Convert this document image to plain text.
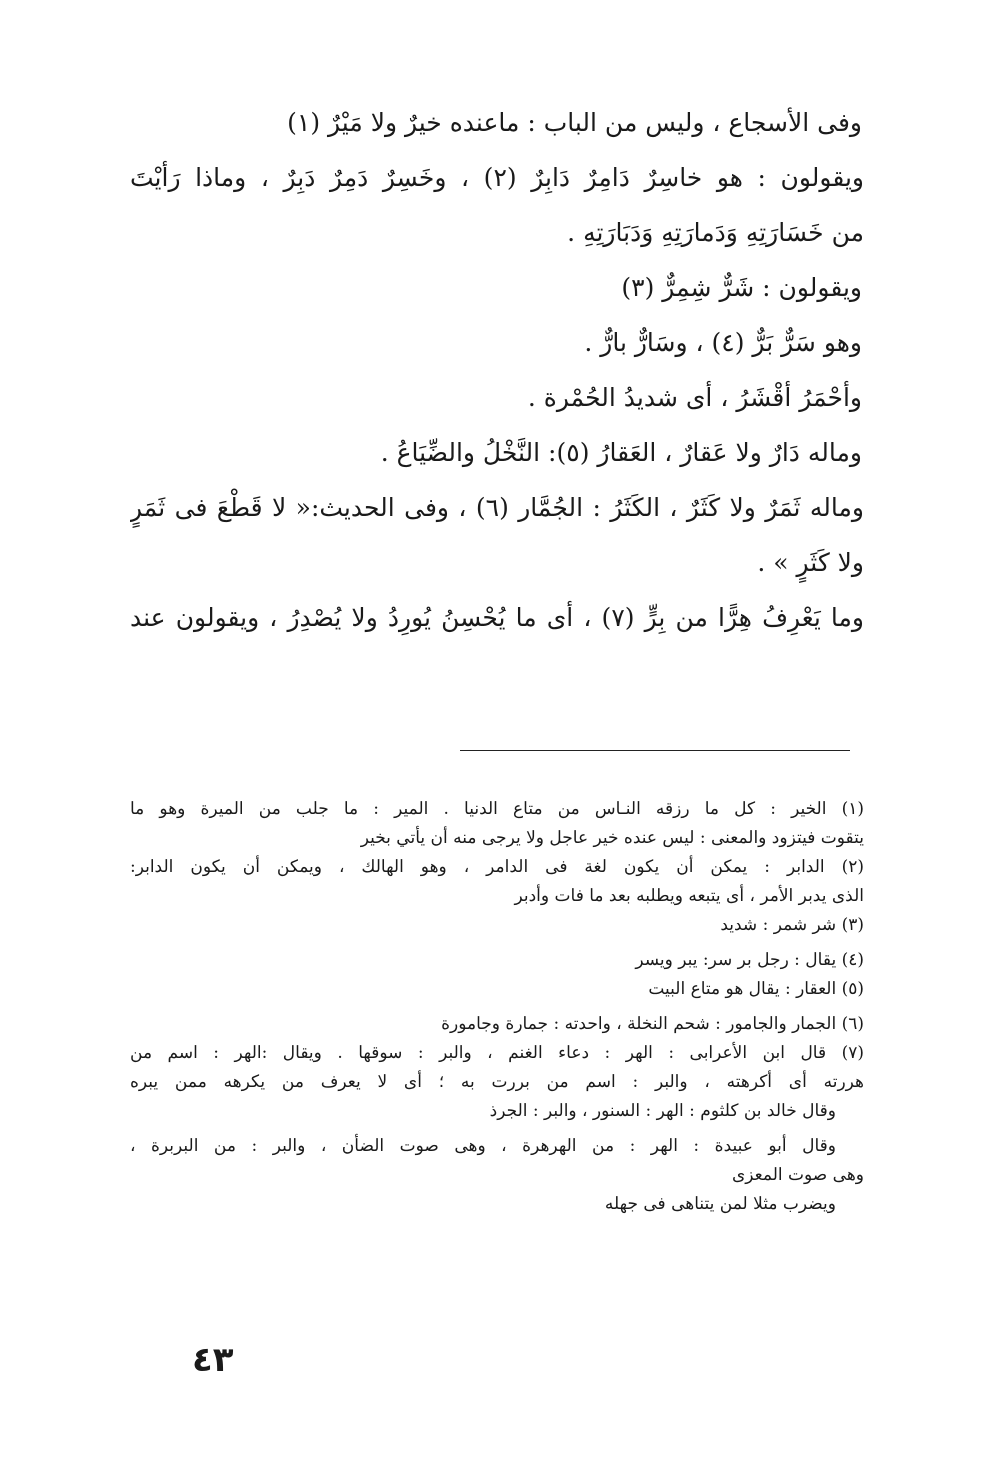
وفى الأسجاع ، وليس من الباب : ماعنده خيرٌ ولا مَيْرٌ (١)
ويقولون : هو خاسِرٌ دَامِرٌ دَابِرٌ (٢) ، وخَسِرٌ دَمِرٌ دَبِرٌ ، وماذا رَأيْتَ
من خَسَارَتِهِ وَدَمارَتِهِ وَدَبَارَتِهِ .
ويقولون : شَرٌّ شِمِرٌّ (٣)
وهو سَرٌّ بَرٌّ (٤) ، وسَارٌّ بارٌّ .
وأحْمَرُ أقْشَرُ ، أى شديدُ الحُمْرة .
وماله دَارٌ ولا عَقارٌ ، العَقارُ (٥): النَّخْلُ والضِّيَاعُ .
وماله ثَمَرٌ ولا كَثَرٌ ، الكَثَرُ : الجُمَّار (٦) ، وفى الحديث:« لا قَطْعَ فى ثَمَرٍ
ولا كَثَرٍ » .
وما يَعْرِفُ هِرًّا من بِرٍّ (٧) ، أى ما يُحْسِنُ يُورِدُ ولا يُصْدِرُ ، ويقولون عند
(١) الخير : كل ما رزقه النـاس من متاع الدنيا . المير : ما جلب من الميرة وهو ما
يتقوت فيتزود والمعنى : ليس عنده خير عاجل ولا يرجى منه أن يأتي بخير
(٢) الدابر : يمكن أن يكون لغة فى الدامر ، وهو الهالك ، ويمكن أن يكون الدابر:
الذى يدبر الأمر ، أى يتبعه ويطلبه بعد ما فات وأدبر
(٣) شر شمر : شديد
(٤) يقال : رجل بر سر: يبر ويسر
(٥) العقار : يقال هو متاع البيت
(٦) الجمار والجامور : شحم النخلة ، واحدته : جمارة وجامورة
(٧) قال ابن الأعرابى : الهر : دعاء الغنم ، والبر : سوقها . ويقال :الهر : اسم من
هررته أى أكرهته ، والبر : اسم من بررت به ؛ أى لا يعرف من يكرهه ممن يبره
وقال خالد بن كلثوم : الهر : السنور ، والبر : الجرذ
وقال أبو عبيدة : الهر : من الهرهرة ، وهى صوت الضأن ، والبر : من البربرة ،
وهى صوت المعزى
ويضرب مثلا لمن يتناهى فى جهله
٤٣
